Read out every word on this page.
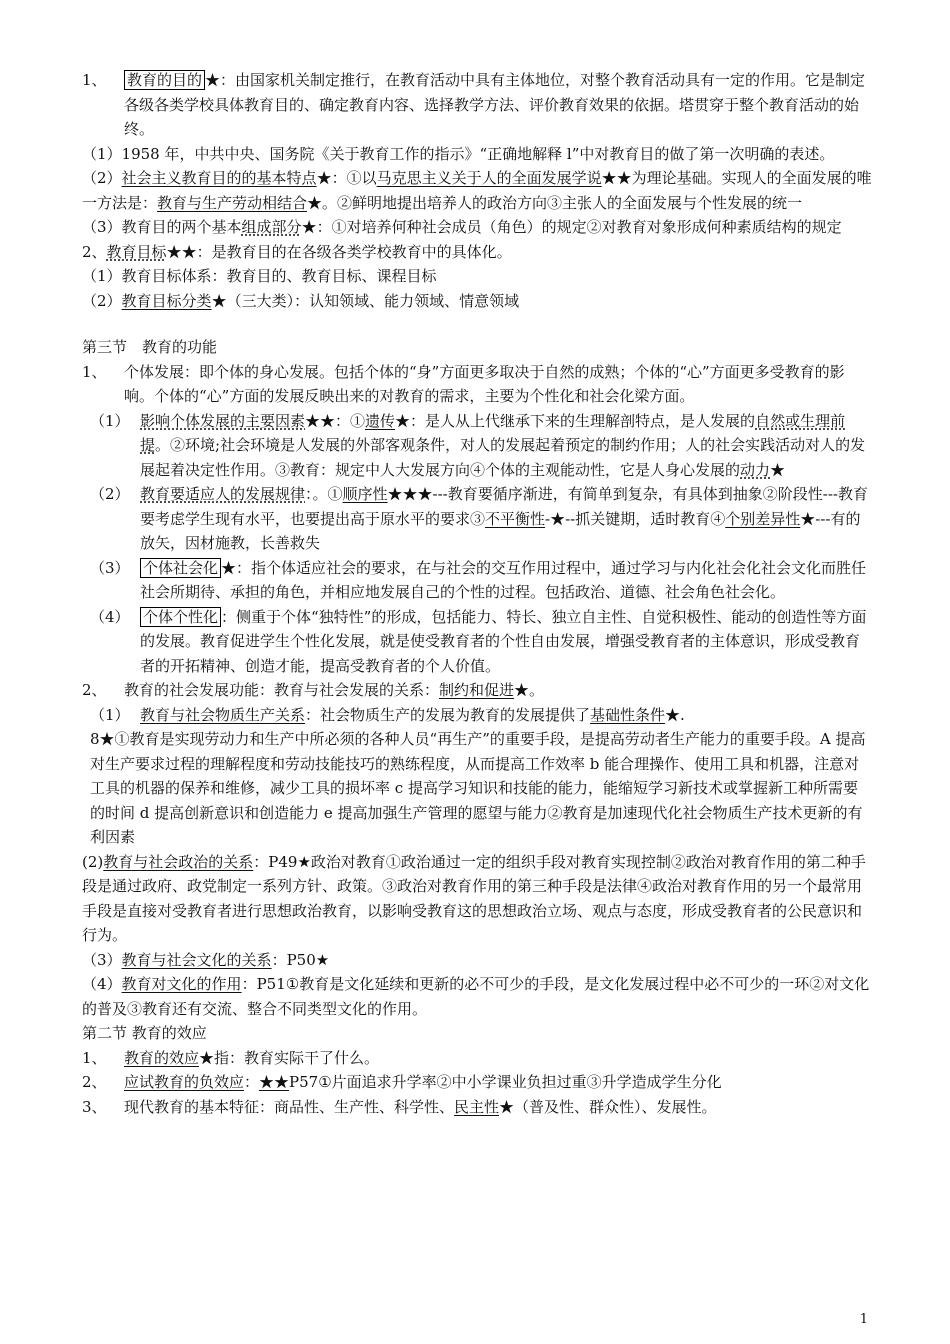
1、 教育的目的 ★：由国家机关制定推行，在教育活动中具有主体地位，对整个教育活动具有一定的作用。它是制定各级各类学校具体教育目的、确定教育内容、选择教学方法、评价教育效果的依据。塔贯穿于整个教育活动的始终。

（1）1958 年，中共中央、国务院《关于教育工作的指示》“正确地解释 l”中对教育目的做了第一次明确的表述。

（2）社会主义教育目的的基本特点★：①以马克思主义关于人的全面发展学说★★为理论基础。实现人的全面发展的唯一方法是：教育与生产劳动相结合★。②鲜明地提出培养人的政治方向③主张人的全面发展与个性发展的统一

（3）教育目的两个基本组成部分★：①对培养何种社会成员（角色）的规定②对教育对象形成何种素质结构的规定

2、教育目标★★：是教育目的在各级各类学校教育中的具体化。

（1）教育目标体系：教育目的、教育目标、课程目标

（2）教育目标分类★（三大类）：认知领域、能力领域、情意领域

第三节　教育的功能

1、 个体发展：即个体的身心发展。包括个体的“身”方面更多取决于自然的成熟；个体的“心”方面更多受教育的影响。个体的“心”方面的发展反映出来的对教育的需求，主要为个性化和社会化梁方面。

（1） 影响个体发展的主要因素★★：①遗传★：是人从上代继承下来的生理解剖特点，是人发展的自然或生理前提。②环境;社会环境是人发展的外部客观条件，对人的发展起着预定的制约作用；人的社会实践活动对人的发展起着决定性作用。③教育：规定中人大发展方向④个体的主观能动性，它是人身心发展的动力★
（2） 教育要适应人的发展规律：。①顺序性★★★---教育要循序渐进，有简单到复杂，有具体到抽象②阶段性---教育要考虑学生现有水平，也要提出高于原水平的要求③不平衡性-★--抓关键期，适时教育④个别差异性★---有的放矢，因材施教，长善救失
（3） 个体社会化 ★：指个体适应社会的要求，在与社会的交互作用过程中，通过学习与内化社会化社会文化而胜任社会所期待、承担的角色，并相应地发展自己的个性的过程。包括政治、道德、社会角色社会化。
（4） 个体个性化 ：侧重于个体“独特性”的形成，包括能力、特长、独立自主性、自觉积极性、能动的创造性等方面的发展。教育促进学生个性化发展，就是使受教育者的个性自由发展，增强受教育者的主体意识，形成受教育者的开拓精神、创造才能，提高受教育者的个人价值。

2、 教育的社会发展功能：教育与社会发展的关系：制约和促进★。

（1） 教育与社会物质生产关系：社会物质生产的发展为教育的发展提供了基础性条件★.

8★①教育是实现劳动力和生产中所必须的各种人员“再生产”的重要手段，是提高劳动者生产能力的重要手段。A 提高对生产要求过程的理解程度和劳动技能技巧的熟练程度，从而提高工作效率 b 能合理操作、使用工具和机器，注意对工具的机器的保养和维修，减少工具的损坏率 c 提高学习知识和技能的能力，能缩短学习新技术或掌握新工种所需要的时间 d 提高创新意识和创造能力 e 提高加强生产管理的愿望与能力②教育是加速现代化社会物质生产技术更新的有利因素

(2)教育与社会政治的关系：P49★政治对教育①政治通过一定的组织手段对教育实现控制②政治对教育作用的第二种手段是通过政府、政党制定一系列方针、政策。③政治对教育作用的第三种手段是法律④政治对教育作用的另一个最常用手段是直接对受教育者进行思想政治教育，以影响受教育这的思想政治立场、观点与态度，形成受教育者的公民意识和行为。

（3）教育与社会文化的关系：P50★

（4）教育对文化的作用：P51①教育是文化延续和更新的必不可少的手段，是文化发展过程中必不可少的一环②对文化的普及③教育还有交流、整合不同类型文化的作用。

第二节 教育的效应

1、 教育的效应★指：教育实际干了什么。

2、 应试教育的负效应：★★P57①片面追求升学率②中小学课业负担过重③升学造成学生分化

3、 现代教育的基本特征：商品性、生产性、科学性、民主性★（普及性、群众性）、发展性。

1
